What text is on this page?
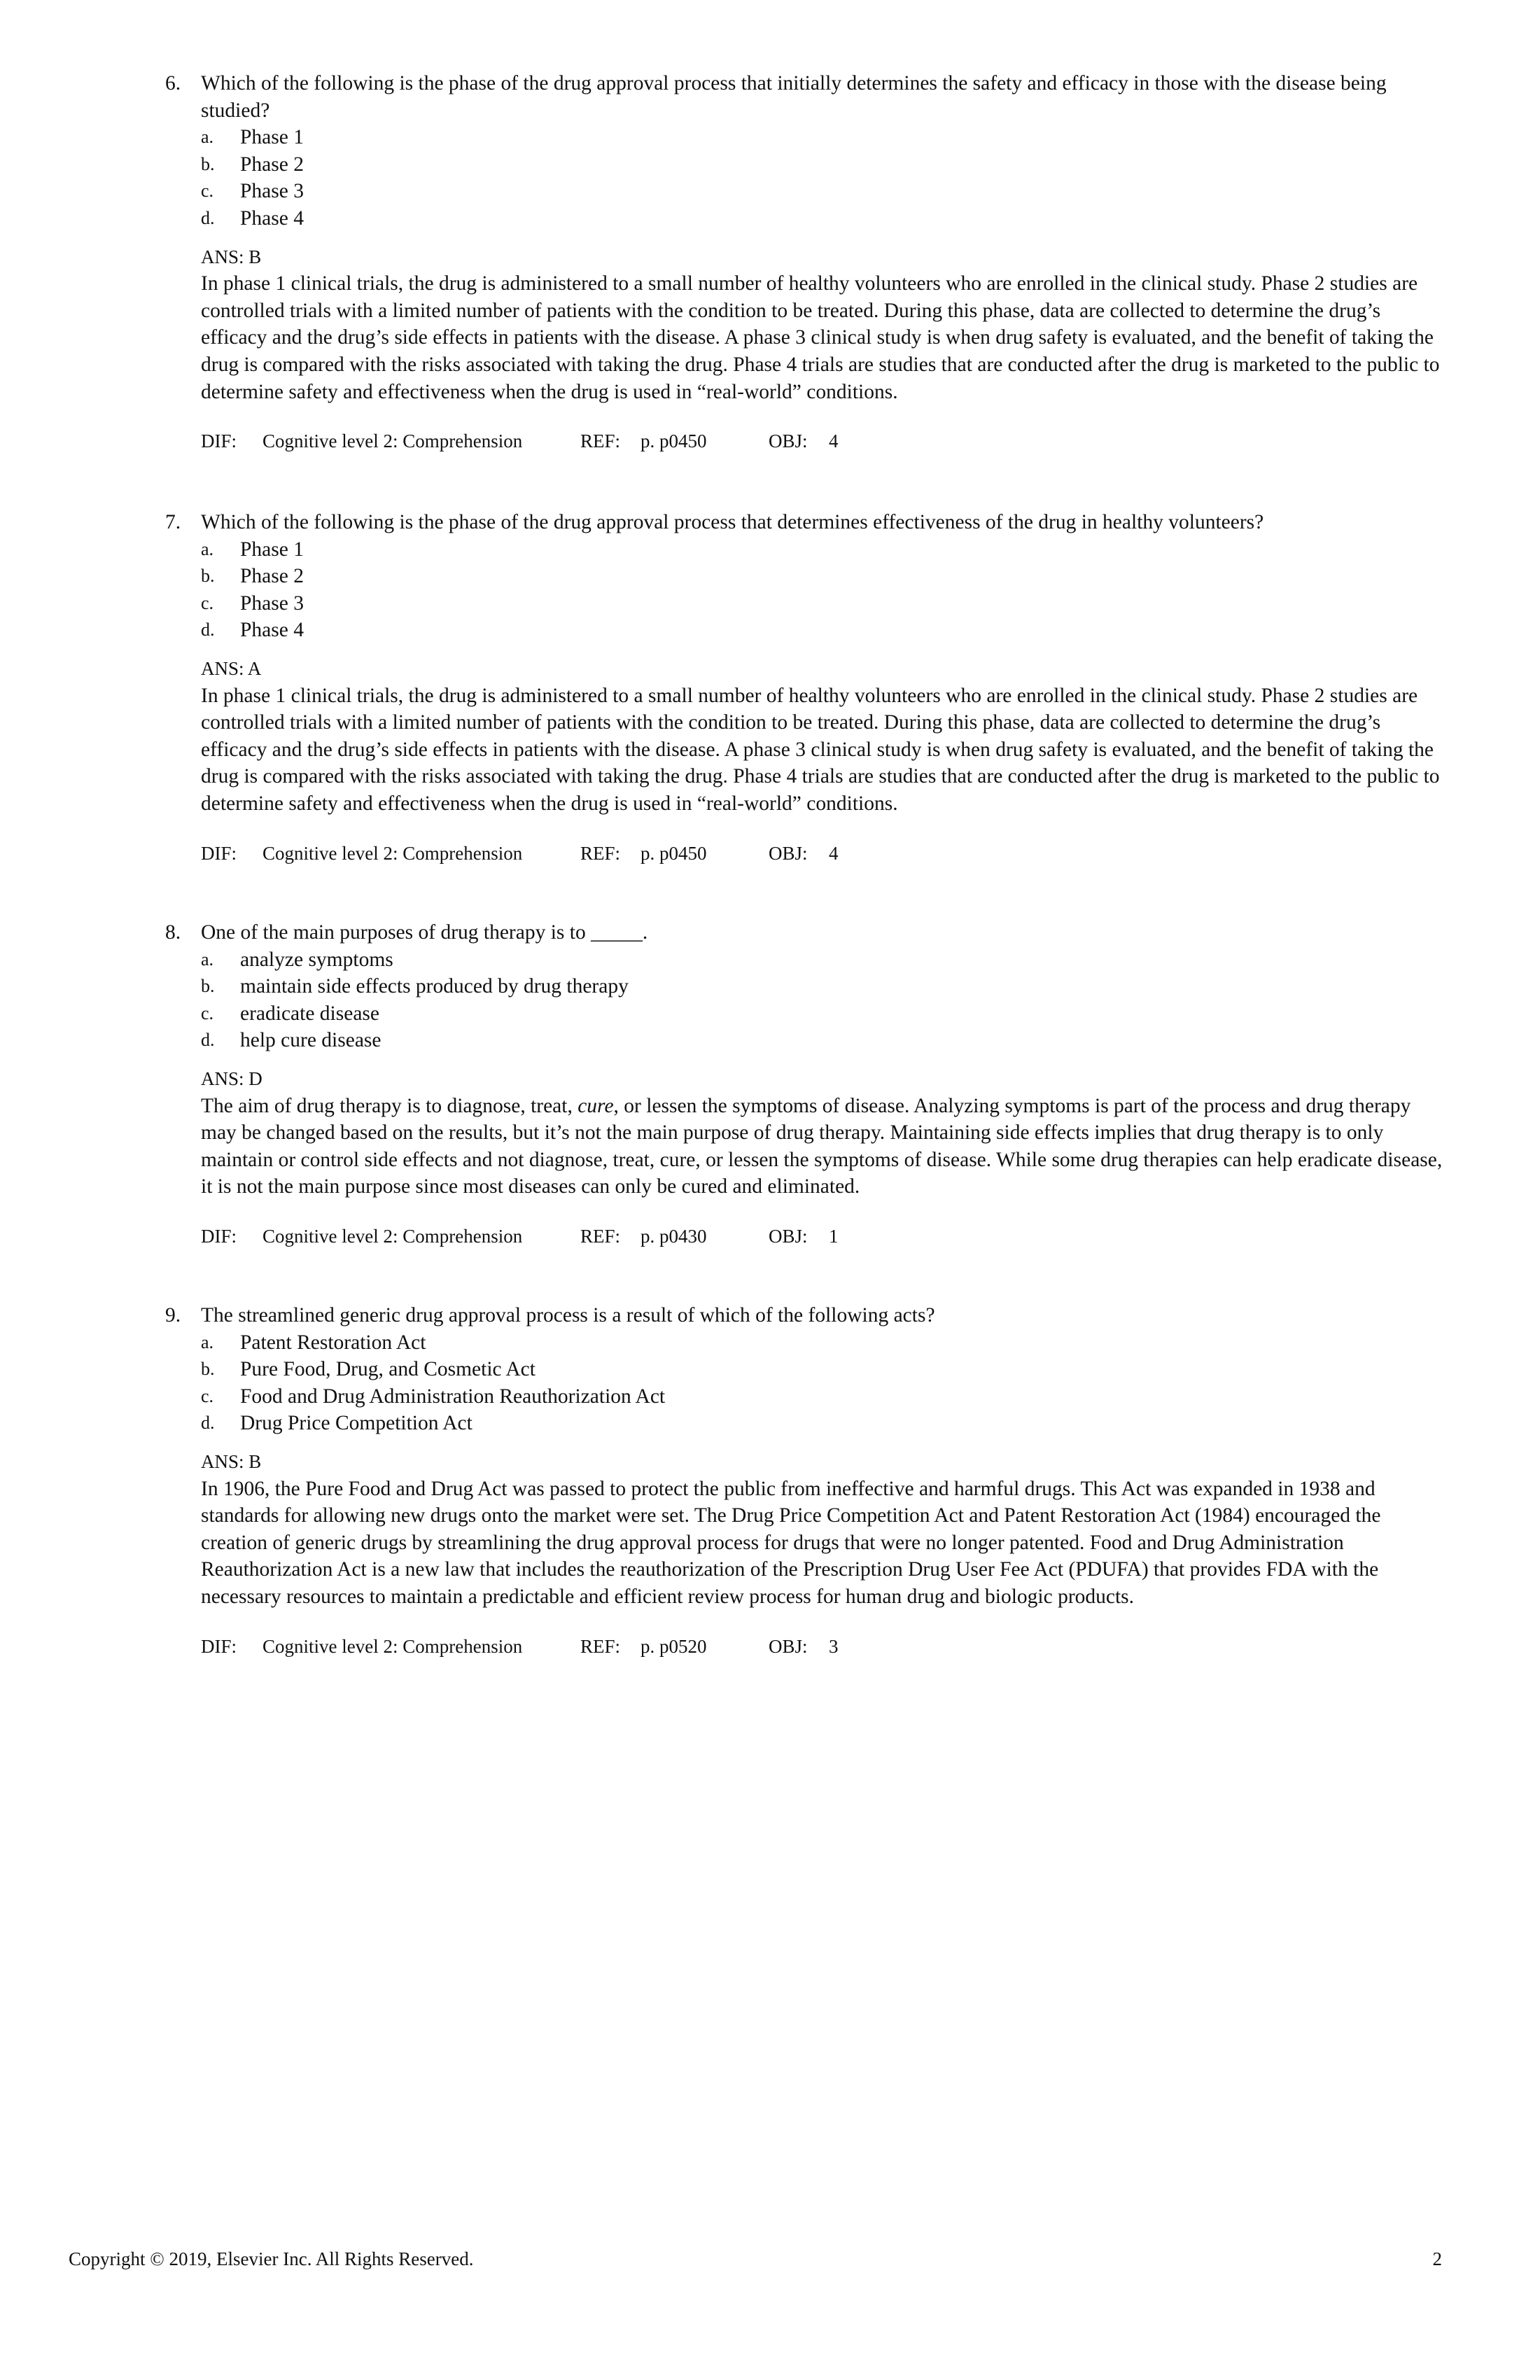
6. Which of the following is the phase of the drug approval process that initially determines the safety and efficacy in those with the disease being studied?
a. Phase 1
b. Phase 2
c. Phase 3
d. Phase 4
ANS: B
In phase 1 clinical trials, the drug is administered to a small number of healthy volunteers who are enrolled in the clinical study. Phase 2 studies are controlled trials with a limited number of patients with the condition to be treated. During this phase, data are collected to determine the drug’s efficacy and the drug’s side effects in patients with the disease. A phase 3 clinical study is when drug safety is evaluated, and the benefit of taking the drug is compared with the risks associated with taking the drug. Phase 4 trials are studies that are conducted after the drug is marketed to the public to determine safety and effectiveness when the drug is used in “real-world” conditions.
DIF: Cognitive level 2: Comprehension	REF: p. p0450	OBJ: 4
7. Which of the following is the phase of the drug approval process that determines effectiveness of the drug in healthy volunteers?
a. Phase 1
b. Phase 2
c. Phase 3
d. Phase 4
ANS: A
In phase 1 clinical trials, the drug is administered to a small number of healthy volunteers who are enrolled in the clinical study. Phase 2 studies are controlled trials with a limited number of patients with the condition to be treated. During this phase, data are collected to determine the drug’s efficacy and the drug’s side effects in patients with the disease. A phase 3 clinical study is when drug safety is evaluated, and the benefit of taking the drug is compared with the risks associated with taking the drug. Phase 4 trials are studies that are conducted after the drug is marketed to the public to determine safety and effectiveness when the drug is used in “real-world” conditions.
DIF: Cognitive level 2: Comprehension	REF: p. p0450	OBJ: 4
8. One of the main purposes of drug therapy is to _____.
a. analyze symptoms
b. maintain side effects produced by drug therapy
c. eradicate disease
d. help cure disease
ANS: D
The aim of drug therapy is to diagnose, treat, cure, or lessen the symptoms of disease. Analyzing symptoms is part of the process and drug therapy may be changed based on the results, but it’s not the main purpose of drug therapy. Maintaining side effects implies that drug therapy is to only maintain or control side effects and not diagnose, treat, cure, or lessen the symptoms of disease. While some drug therapies can help eradicate disease, it is not the main purpose since most diseases can only be cured and eliminated.
DIF: Cognitive level 2: Comprehension	REF: p. p0430	OBJ: 1
9. The streamlined generic drug approval process is a result of which of the following acts?
a. Patent Restoration Act
b. Pure Food, Drug, and Cosmetic Act
c. Food and Drug Administration Reauthorization Act
d. Drug Price Competition Act
ANS: B
In 1906, the Pure Food and Drug Act was passed to protect the public from ineffective and harmful drugs. This Act was expanded in 1938 and standards for allowing new drugs onto the market were set. The Drug Price Competition Act and Patent Restoration Act (1984) encouraged the creation of generic drugs by streamlining the drug approval process for drugs that were no longer patented. Food and Drug Administration Reauthorization Act is a new law that includes the reauthorization of the Prescription Drug User Fee Act (PDUFA) that provides FDA with the necessary resources to maintain a predictable and efficient review process for human drug and biologic products.
DIF: Cognitive level 2: Comprehension	REF: p. p0520	OBJ: 3
Copyright © 2019, Elsevier Inc. All Rights Reserved.	2
